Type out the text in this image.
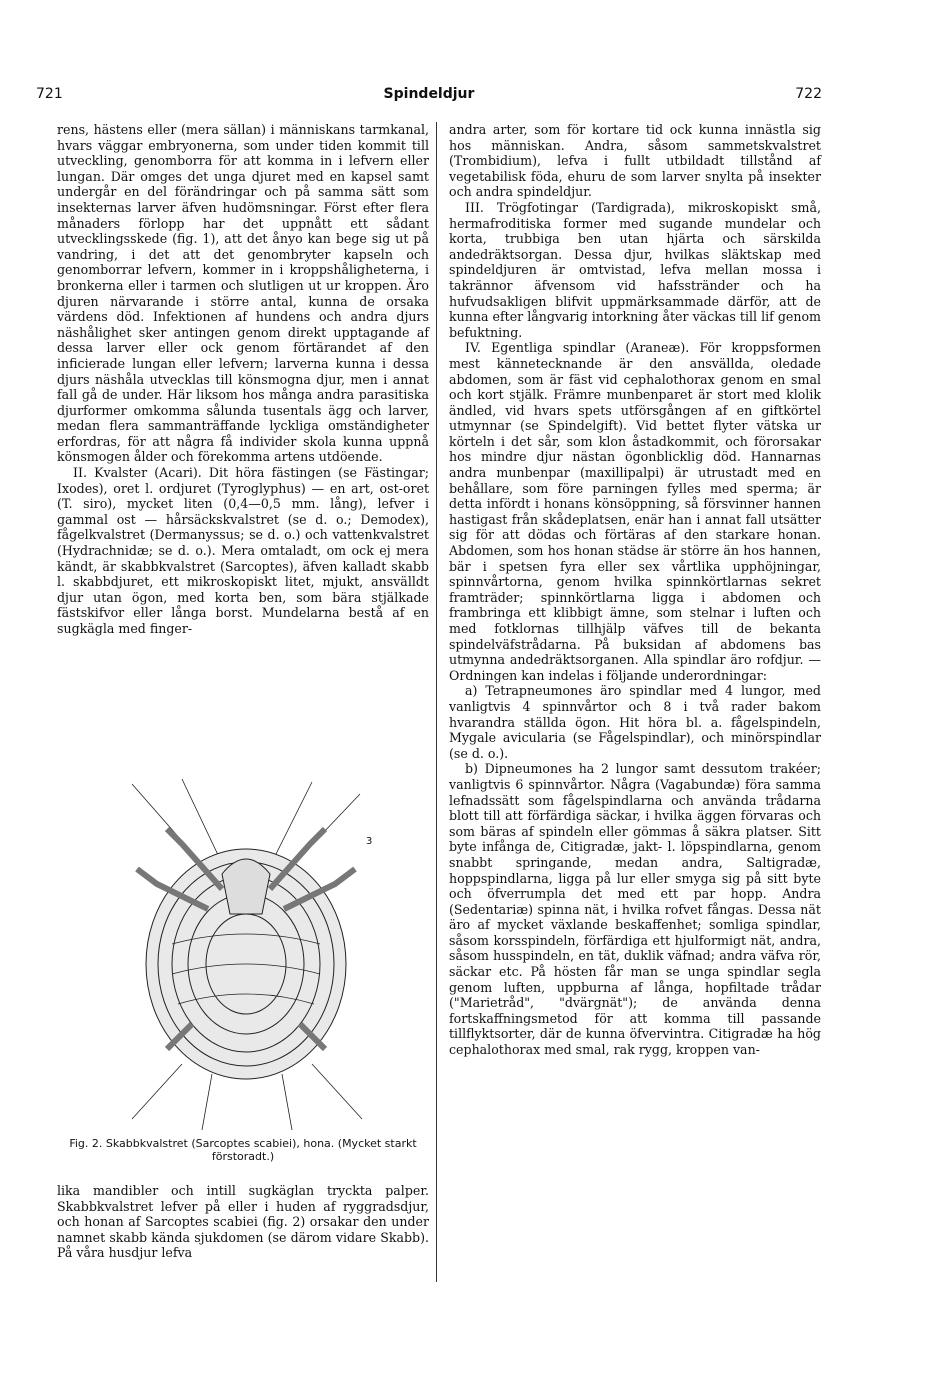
721	Spindeldjur	722

rens, hästens eller (mera sällan) i människans tarmkanal, hvars väggar embryonerna, som under tiden kommit till utveckling, genomborra för att komma in i lefvern eller lungan. Där omges det unga djuret med en kapsel samt undergår en del förändringar och på samma sätt som insekternas larver äfven hudömsningar. Först efter flera månaders förlopp har det uppnått ett sådant utvecklingsskede (fig. 1), att det ånyo kan bege sig ut på vandring, i det att det genombryter kapseln och genomborrar lefvern, kommer in i kroppshåligheterna, i bronkerna eller i tarmen och slutligen ut ur kroppen. Äro djuren närvarande i större antal, kunna de orsaka värdens död. Infektionen af hundens och andra djurs näshålighet sker antingen genom direkt upptagande af dessa larver eller ock genom förtärandet af den inficierade lungan eller lefvern; larverna kunna i dessa djurs näshåla utvecklas till könsmogna djur, men i annat fall gå de under. Här liksom hos många andra parasitiska djurformer omkomma sålunda tusentals ägg och larver, medan flera sammanträffande lyckliga omständigheter erfordras, för att några få individer skola kunna uppnå könsmogen ålder och förekomma artens utdöende.

II. Kvalster (Acari). Dit höra fästingen (se Fästingar; Ixodes), oret l. ordjuret (Tyroglyphus) — en art, ost-oret (T. siro), mycket liten (0,4—0,5 mm. lång), lefver i gammal ost — hårsäckskvalstret (se d. o.; Demodex), fågelkvalstret (Dermanyssus; se d. o.) och vattenkvalstret (Hydrachnidæ; se d. o.). Mera omtaladt, om ock ej mera kändt, är skabbkvalstret (Sarcoptes), äfven kalladt skabb l. skabbdjuret, ett mikroskopiskt litet, mjukt, ansvälldt djur utan ögon, med korta ben, som bära stjälkade fästskifvor eller långa borst. Mundelarna bestå af en sugkägla med finger-

3
Fig. 2. Skabbkvalstret (Sarcoptes scabiei), hona. (Mycket starkt förstoradt.)

lika mandibler och intill sugkäglan tryckta palper. Skabbkvalstret lefver på eller i huden af ryggradsdjur, och honan af Sarcoptes scabiei (fig. 2) orsakar den under namnet skabb kända sjukdomen (se därom vidare Skabb). På våra husdjur lefva

andra arter, som för kortare tid ock kunna innästla sig hos människan. Andra, såsom sammetskvalstret (Trombidium), lefva i fullt utbildadt tillstånd af vegetabilisk föda, ehuru de som larver snylta på insekter och andra spindeldjur.

III. Trögfotingar (Tardigrada), mikroskopiskt små, hermafroditiska former med sugande mundelar och korta, trubbiga ben utan hjärta och särskilda andedräktsorgan. Dessa djur, hvilkas släktskap med spindeldjuren är omtvistad, lefva mellan mossa i takrännor äfvensom vid hafsstränder och ha hufvudsakligen blifvit uppmärksammade därför, att de kunna efter långvarig intorkning åter väckas till lif genom befuktning.

IV. Egentliga spindlar (Araneæ). För kroppsformen mest kännetecknande är den ansvällda, oledade abdomen, som är fäst vid cephalothorax genom en smal och kort stjälk. Främre munbenparet är stort med klolik ändled, vid hvars spets utförsgången af en giftkörtel utmynnar (se Spindelgift). Vid bettet flyter vätska ur körteln i det sår, som klon åstadkommit, och förorsakar hos mindre djur nästan ögonblicklig död. Hannarnas andra munbenpar (maxillipalpi) är utrustadt med en behållare, som före parningen fylles med sperma; är detta infördt i honans könsöppning, så försvinner hannen hastigast från skådeplatsen, enär han i annat fall utsätter sig för att dödas och förtäras af den starkare honan. Abdomen, som hos honan städse är större än hos hannen, bär i spetsen fyra eller sex vårtlika upphöjningar, spinnvårtorna, genom hvilka spinnkörtlarnas sekret framträder; spinnkörtlarna ligga i abdomen och frambringa ett klibbigt ämne, som stelnar i luften och med fotklornas tillhjälp väfves till de bekanta spindelväfstrådarna. På buksidan af abdomens bas utmynna andedräktsorganen. Alla spindlar äro rofdjur. — Ordningen kan indelas i följande underordningar:

a) Tetrapneumones äro spindlar med 4 lungor, med vanligtvis 4 spinnvårtor och 8 i två rader bakom hvarandra ställda ögon. Hit höra bl. a. fågelspindeln, Mygale avicularia (se Fågelspindlar), och minörspindlar (se d. o.).

b) Dipneumones ha 2 lungor samt dessutom trakéer; vanligtvis 6 spinnvårtor. Några (Vagabundæ) föra samma lefnadssätt som fågelspindlarna och använda trådarna blott till att förfärdiga säckar, i hvilka äggen förvaras och som bäras af spindeln eller gömmas å säkra platser. Sitt byte infånga de, Citigradæ, jakt- l. löpspindlarna, genom snabbt springande, medan andra, Saltigradæ, hoppspindlarna, ligga på lur eller smyga sig på sitt byte och öfverrumpla det med ett par hopp. Andra (Sedentariæ) spinna nät, i hvilka rofvet fångas. Dessa nät äro af mycket växlande beskaffenhet; somliga spindlar, såsom korsspindeln, förfärdiga ett hjulformigt nät, andra, såsom husspindeln, en tät, duklik väfnad; andra väfva rör, säckar etc. På hösten får man se unga spindlar segla genom luften, uppburna af långa, hopfiltade trådar ("Marietråd", "dvärgnät"); de använda denna fortskaffningsmetod för att komma till passande tillflyktsorter, där de kunna öfvervintra. Citigradæ ha hög cephalothorax med smal, rak rygg, kroppen van-
